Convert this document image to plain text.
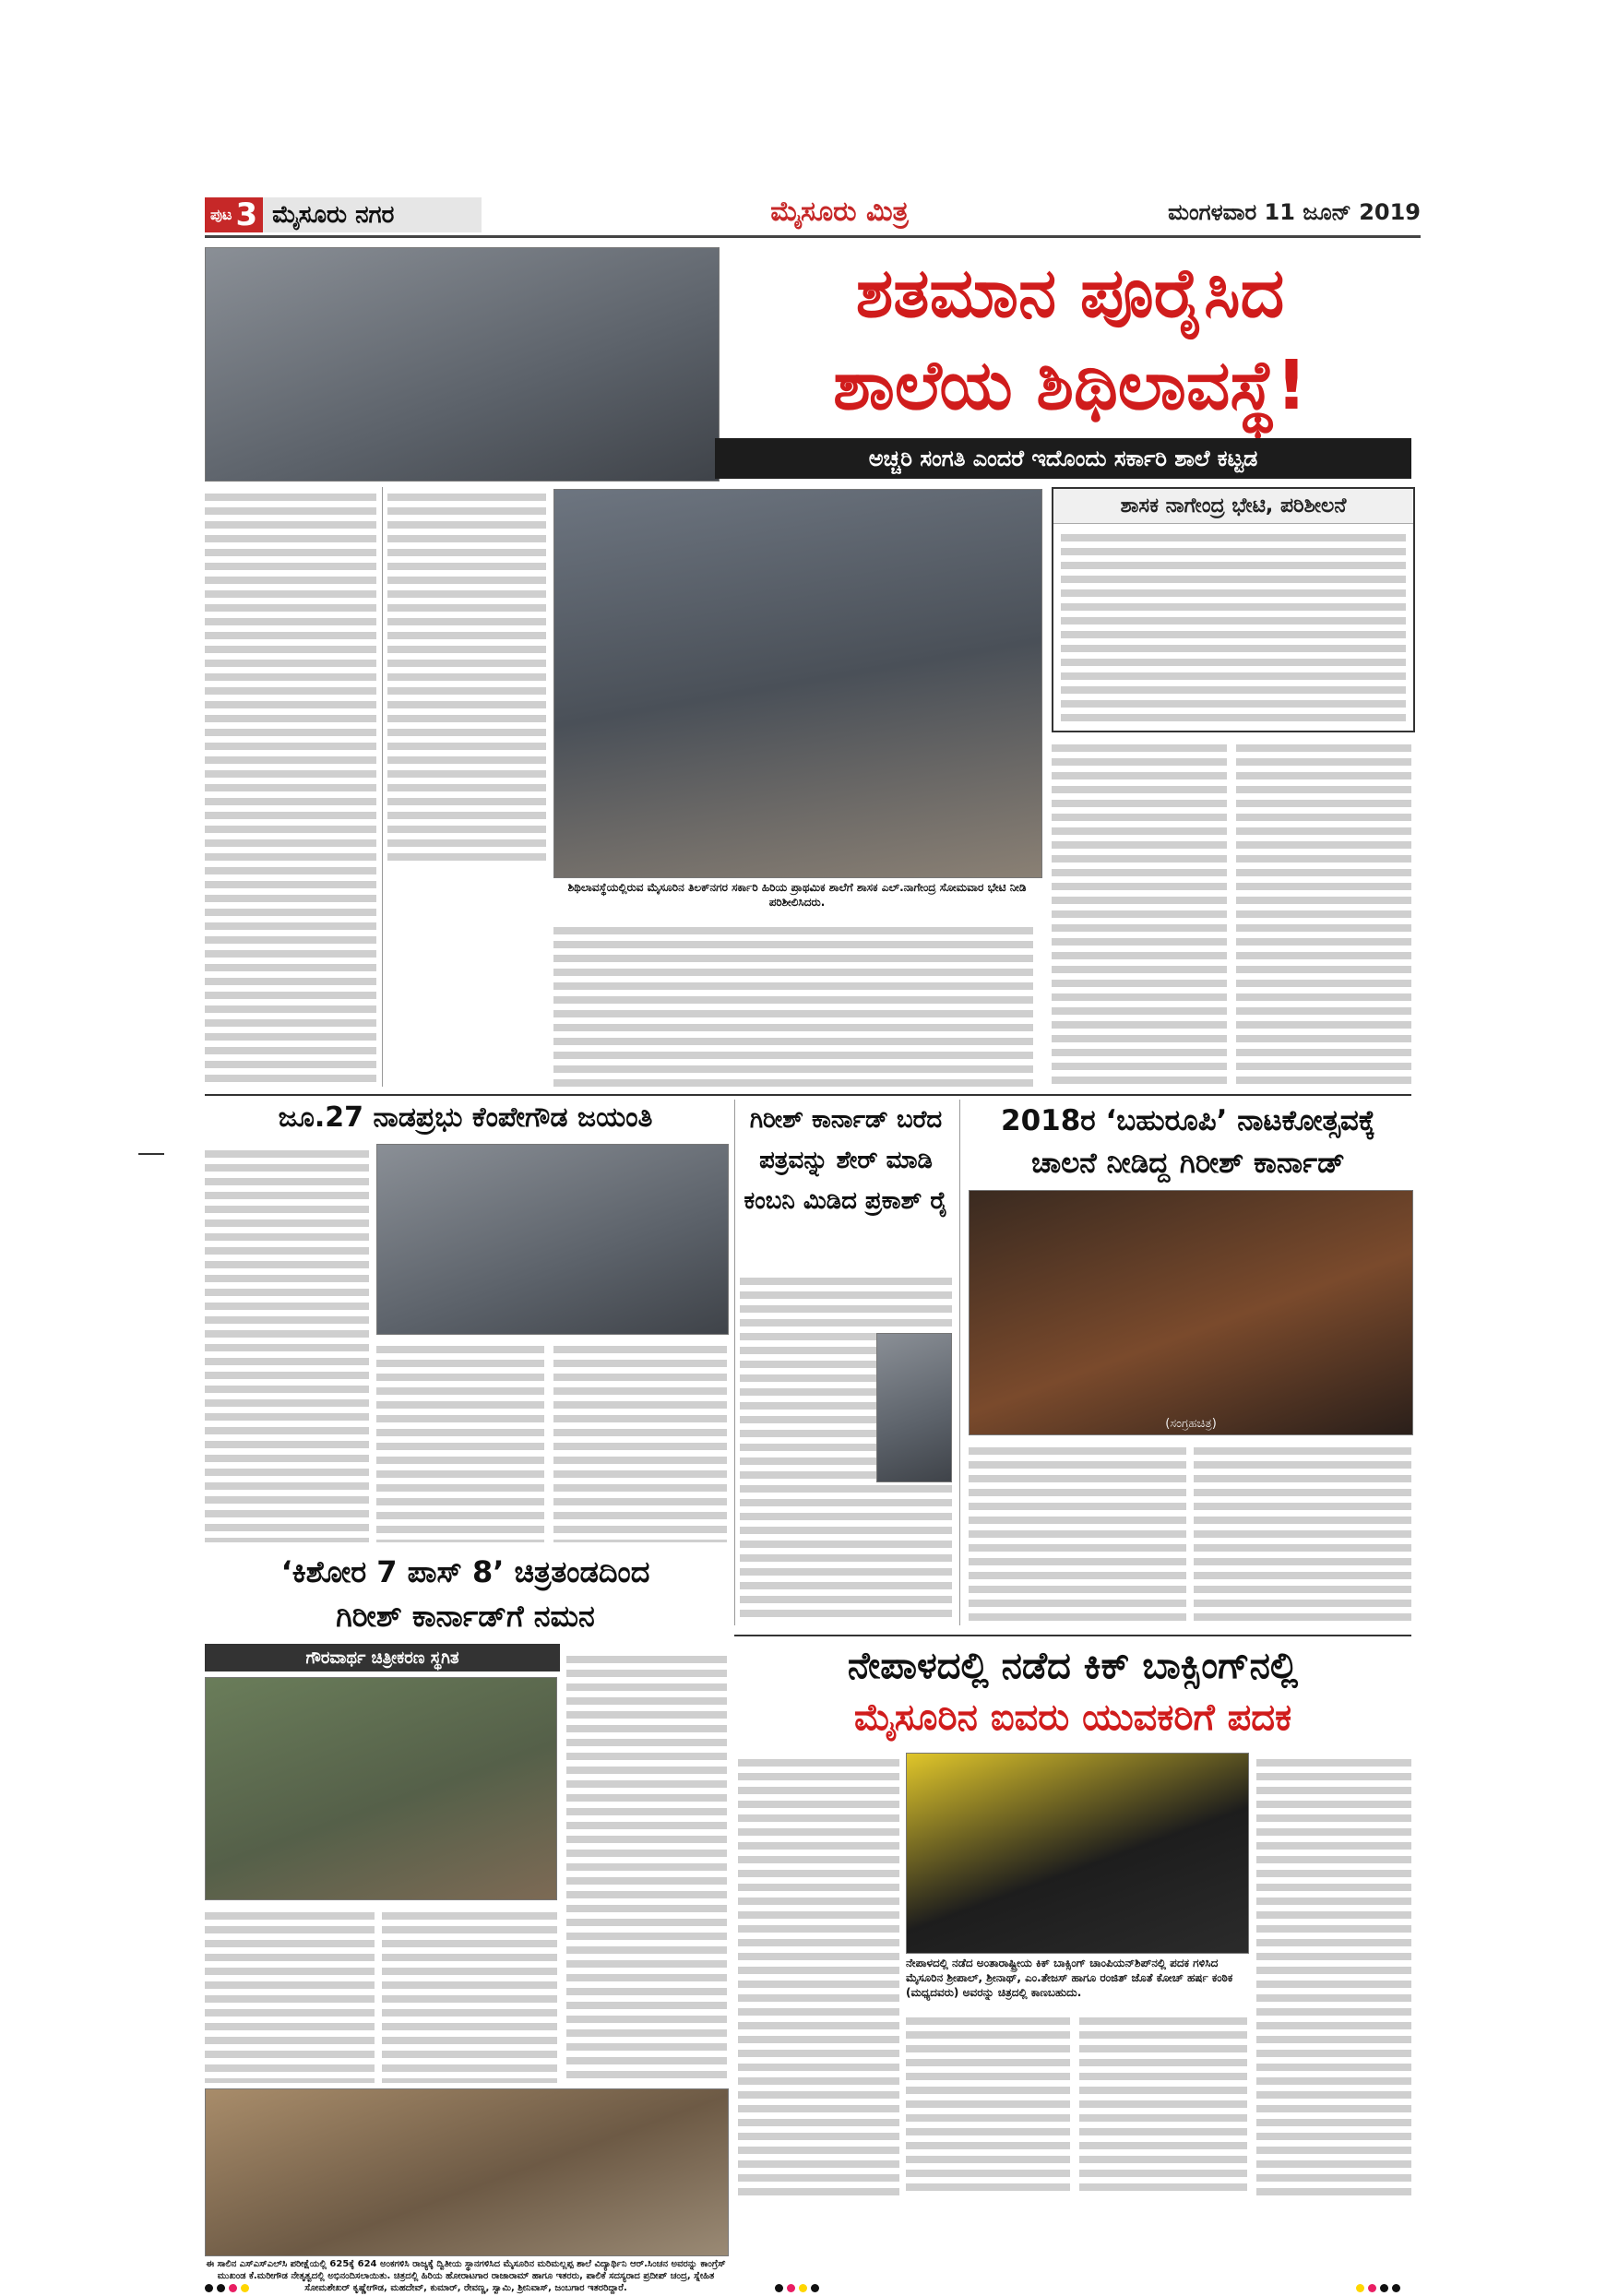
ಪುಟ 3 ಮೈಸೂರು ನಗರ	ಮೈಸೂರು ಮಿತ್ರ	ಮಂಗಳವಾರ 11 ಜೂನ್ 2019
ಶತಮಾನ ಪೂರೈಸಿದ
ಶಾಲೆಯ ಶಿಥಿಲಾವಸ್ಥೆ!
ಅಚ್ಚರಿ ಸಂಗತಿ ಎಂದರೆ ಇದೊಂದು ಸರ್ಕಾರಿ ಶಾಲೆ ಕಟ್ಟಡ
ಶಿಥಿಲಾವಸ್ಥೆಯಲ್ಲಿರುವ ಮೈಸೂರಿನ ತಿಲಕ್‌ನಗರ ಸರ್ಕಾರಿ ಹಿರಿಯ ಪ್ರಾಥಮಿಕ ಶಾಲೆಗೆ ಶಾಸಕ ಎಲ್.ನಾಗೇಂದ್ರ ಸೋಮವಾರ ಭೇಟಿ ನೀಡಿ ಪರಿಶೀಲಿಸಿದರು.
ಶಾಸಕ ನಾಗೇಂದ್ರ ಭೇಟಿ, ಪರಿಶೀಲನೆ
ಜೂ.27 ನಾಡಪ್ರಭು ಕೆಂಪೇಗೌಡ ಜಯಂತಿ	ಗಿರೀಶ್ ಕಾರ್ನಾಡ್ ಬರೆದ ಪತ್ರವನ್ನು ಶೇರ್ ಮಾಡಿ ಕಂಬನಿ ಮಿಡಿದ ಪ್ರಕಾಶ್ ರೈ
2018ರ ‘ಬಹುರೂಪಿ’ ನಾಟಕೋತ್ಸವಕ್ಕೆ ಚಾಲನೆ ನೀಡಿದ್ದ ಗಿರೀಶ್ ಕಾರ್ನಾಡ್
(ಸಂಗ್ರಹಚಿತ್ರ)
‘ಕಿಶೋರ 7 ಪಾಸ್ 8’ ಚಿತ್ರತಂಡದಿಂದ
ಗಿರೀಶ್ ಕಾರ್ನಾಡ್‌ಗೆ ನಮನ
ಗೌರವಾರ್ಥ ಚಿತ್ರೀಕರಣ ಸ್ಥಗಿತ	ನೇಪಾಳದಲ್ಲಿ ನಡೆದ ಕಿಕ್ ಬಾಕ್ಸಿಂಗ್‌ನಲ್ಲಿ
ಮೈಸೂರಿನ ಐವರು ಯುವಕರಿಗೆ ಪದಕ
ನೇಪಾಳದಲ್ಲಿ ನಡೆದ ಅಂತಾರಾಷ್ಟ್ರೀಯ ಕಿಕ್ ಬಾಕ್ಸಿಂಗ್ ಚಾಂಪಿಯನ್‌ಶಿಪ್‌ನಲ್ಲಿ ಪದಕ ಗಳಿಸಿದ ಮೈಸೂರಿನ ಶ್ರೀಪಾಲ್, ಶ್ರೀನಾಥ್, ಎಂ.ತೇಜಸ್ ಹಾಗೂ ರಂಜಿತ್ ಜೊತೆ ಕೋಚ್ ಹರ್ಷ ಕಂಠಿಕ (ಮಧ್ಯದವರು) ಅವರನ್ನು ಚಿತ್ರದಲ್ಲಿ ಕಾಣಬಹುದು.
ಈ ಸಾಲಿನ ಎಸ್‌ಎಸ್‌ಎಲ್‌ಸಿ ಪರೀಕ್ಷೆಯಲ್ಲಿ 625ಕ್ಕೆ 624 ಅಂಕಗಳಿಸಿ ರಾಜ್ಯಕ್ಕೆ ದ್ವಿತೀಯ ಸ್ಥಾನಗಳಿಸಿದ ಮೈಸೂರಿನ ಮರಿಮಲ್ಲಪ್ಪ ಶಾಲೆ ವಿದ್ಯಾರ್ಥಿನಿ ಆರ್.ಸಿಂಚನ ಅವರನ್ನು ಕಾಂಗ್ರೆಸ್ ಮುಖಂಡ ಕೆ.ಮರೀಗೌಡ ನೇತೃತ್ವದಲ್ಲಿ ಅಭಿನಂದಿಸಲಾಯಿತು. ಚಿತ್ರದಲ್ಲಿ ಹಿರಿಯ ಹೋರಾಟಗಾರ ರಾಜಾರಾಮ್ ಹಾಗೂ ಇತರರು, ಪಾಲಿಕೆ ಸದಸ್ಯರಾದ ಪ್ರದೀಪ್ ಚಂದ್ರ, ಸ್ನೇಹಿತ ಸೋಮಶೇಖರ್ ಕೃಷ್ಣೇಗೌಡ, ಮಹದೇವ್, ಕುಮಾರ್, ರೇವಣ್ಣ, ಸ್ವಾಮಿ, ಶ್ರೀನಿವಾಸ್, ಜಂಬಗಾರ ಇತರರಿದ್ದಾರೆ.
